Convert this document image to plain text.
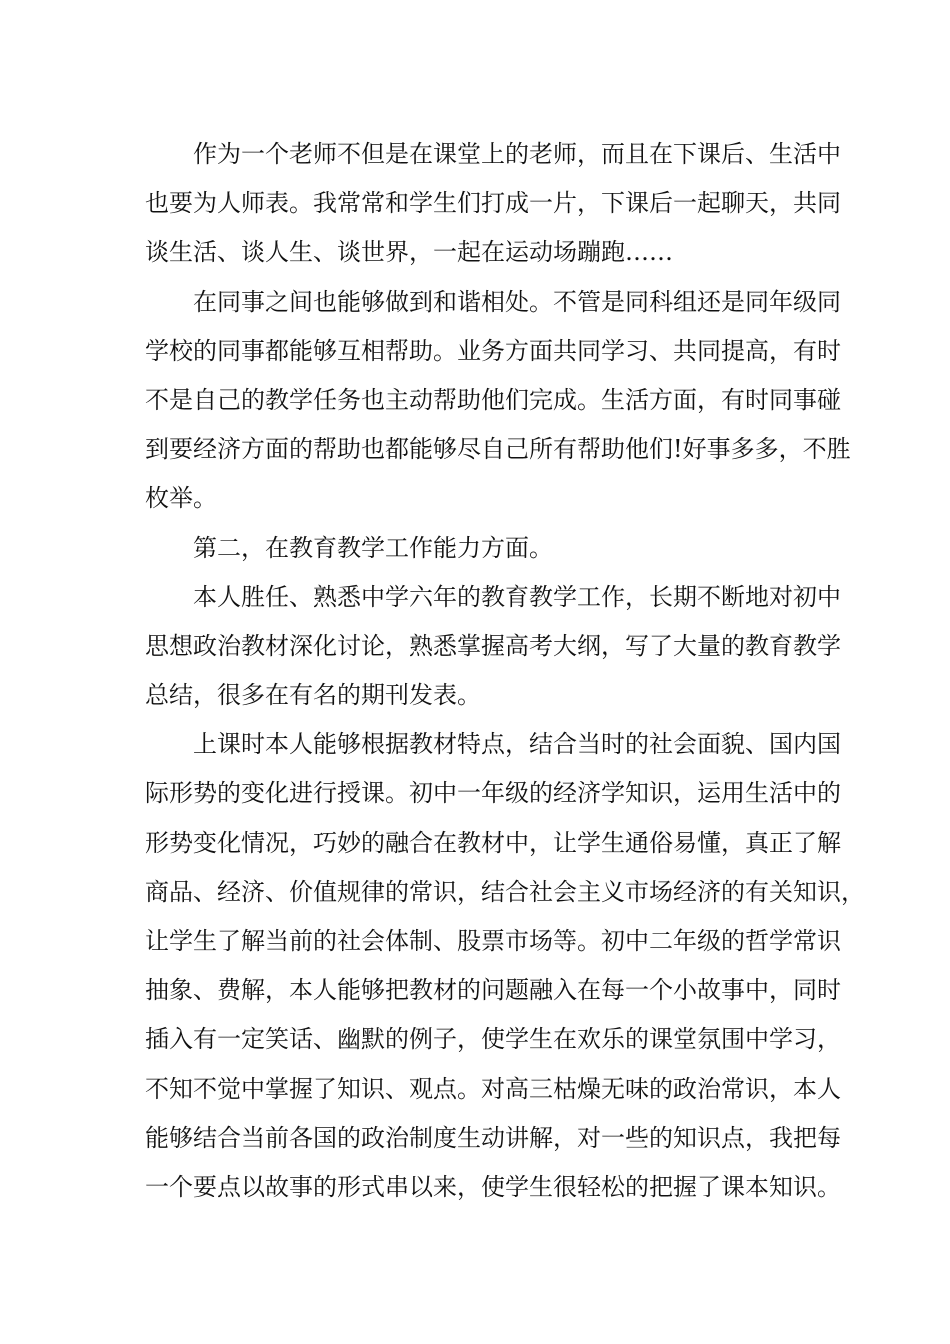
作为一个老师不但是在课堂上的老师，而且在下课后、生活中
也要为人师表。我常常和学生们打成一片，下课后一起聊天，共同
谈生活、谈人生、谈世界，一起在运动场蹦跑……
在同事之间也能够做到和谐相处。不管是同科组还是同年级同
学校的同事都能够互相帮助。业务方面共同学习、共同提高，有时
不是自己的教学任务也主动帮助他们完成。生活方面，有时同事碰
到要经济方面的帮助也都能够尽自己所有帮助他们!好事多多，不胜
枚举。
第二，在教育教学工作能力方面。
本人胜任、熟悉中学六年的教育教学工作，长期不断地对初中
思想政治教材深化讨论，熟悉掌握高考大纲，写了大量的教育教学
总结，很多在有名的期刊发表。
上课时本人能够根据教材特点，结合当时的社会面貌、国内国
际形势的变化进行授课。初中一年级的经济学知识，运用生活中的
形势变化情况，巧妙的融合在教材中，让学生通俗易懂，真正了解
商品、经济、价值规律的常识，结合社会主义市场经济的有关知识，
让学生了解当前的社会体制、股票市场等。初中二年级的哲学常识
抽象、费解，本人能够把教材的问题融入在每一个小故事中，同时
插入有一定笑话、幽默的例子，使学生在欢乐的课堂氛围中学习，
不知不觉中掌握了知识、观点。对高三枯燥无味的政治常识，本人
能够结合当前各国的政治制度生动讲解，对一些的知识点，我把每
一个要点以故事的形式串以来，使学生很轻松的把握了课本知识。
